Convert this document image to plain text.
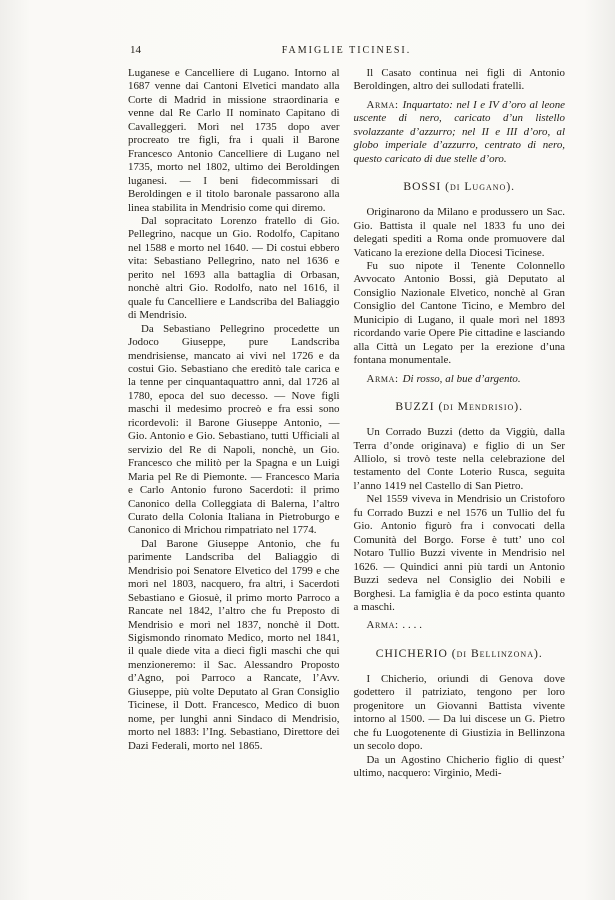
14	FAMIGLIE TICINESI.

Luganese e Cancelliere di Lugano. Intorno al 1687 venne dai Cantoni Elvetici mandato alla Corte di Madrid in missione straordinaria e venne dal Re Carlo II nominato Capitano di Cavalleggeri. Morì nel 1735 dopo aver procreato tre figli, fra i quali il Barone Francesco Antonio Cancelliere di Lugano nel 1735, morto nel 1802, ultimo dei Beroldingen luganesi. — I beni fidecommissari di Beroldingen e il titolo baronale passarono alla linea stabilita in Mendrisio come qui diremo.

Dal sopracitato Lorenzo fratello di Gio. Pellegrino, nacque un Gio. Rodolfo, Capitano nel 1588 e morto nel 1640. — Di costui ebbero vita: Sebastiano Pellegrino, nato nel 1636 e perito nel 1693 alla battaglia di Orbasan, nonchè altri Gio. Rodolfo, nato nel 1616, il quale fu Cancelliere e Landscriba del Baliaggio di Mendrisio.

Da Sebastiano Pellegrino procedette un Jodoco Giuseppe, pure Landscriba mendrisiense, mancato ai vivi nel 1726 e da costui Gio. Sebastiano che ereditò tale carica e la tenne per cinquantaquattro anni, dal 1726 al 1780, epoca del suo decesso. — Nove figli maschi il medesimo procreò e fra essi sono ricordevoli: il Barone Giuseppe Antonio, — Gio. Antonio e Gio. Sebastiano, tutti Ufficiali al servizio del Re di Napoli, nonchè, un Gio. Francesco che militò per la Spagna e un Luigi Maria pel Re di Piemonte. — Francesco Maria e Carlo Antonio furono Sacerdoti: il primo Canonico della Colleggiata di Balerna, l’altro Curato della Colonia Italiana in Pietroburgo e Canonico di Mrichou rimpatriato nel 1774.

Dal Barone Giuseppe Antonio, che fu parimente Landscriba del Baliaggio di Mendrisio poi Senatore Elvetico del 1799 e che morì nel 1803, nacquero, fra altri, i Sacerdoti Sebastiano e Giosuè, il primo morto Parroco a Rancate nel 1842, l’altro che fu Preposto di Mendrisio e morì nel 1837, nonchè il Dott. Sigismondo rinomato Medico, morto nel 1841, il quale diede vita a dieci figli maschi che qui menzioneremo: il Sac. Alessandro Proposto d’Agno, poi Parroco a Rancate, l’Avv. Giuseppe, più volte Deputato al Gran Consiglio Ticinese, il Dott. Francesco, Medico di buon nome, per lunghi anni Sindaco di Mendrisio, morto nel 1883: l’Ing. Sebastiano, Direttore dei Dazi Federali, morto nel 1865.

Il Casato continua nei figli di Antonio Beroldingen, altro dei sullodati fratelli.

Arma: Inquartato: nel I e IV d’oro al leone uscente di nero, caricato d’un listello svolazzante d’azzurro; nel II e III d’oro, al globo imperiale d’azzurro, centrato di nero, questo caricato di due stelle d’oro.

BOSSI (di Lugano).

Originarono da Milano e produssero un Sac. Gio. Battista il quale nel 1833 fu uno dei delegati spediti a Roma onde promuovere dal Vaticano la erezione della Diocesi Ticinese.

Fu suo nipote il Tenente Colonnello Avvocato Antonio Bossi, già Deputato al Consiglio Nazionale Elvetico, nonchè al Gran Consiglio del Cantone Ticino, e Membro del Municipio di Lugano, il quale morì nel 1893 ricordando varie Opere Pie cittadine e lasciando alla Città un Legato per la erezione d’una fontana monumentale.

Arma: Di rosso, al bue d’argento.

BUZZI (di Mendrisio).

Un Corrado Buzzi (detto da Viggiù, dalla Terra d’onde originava) e figlio di un Ser Alliolo, si trovò teste nella celebrazione del testamento del Conte Loterio Rusca, seguita l’anno 1419 nel Castello di San Pietro.

Nel 1559 viveva in Mendrisio un Cristoforo fu Corrado Buzzi e nel 1576 un Tullio del fu Gio. Antonio figurò fra i convocati della Comunità del Borgo. Forse è tutt’ uno col Notaro Tullio Buzzi vivente in Mendrisio nel 1626. — Quindici anni più tardi un Antonio Buzzi sedeva nel Consiglio dei Nobili e Borghesi. La famiglia è da poco estinta quanto a maschi.

Arma: . . . .

CHICHERIO (di Bellinzona).

I Chicherio, oriundi di Genova dove godettero il patriziato, tengono per loro progenitore un Giovanni Battista vivente intorno al 1500. — Da lui discese un G. Pietro che fu Luogotenente di Giustizia in Bellinzona un secolo dopo.

Da un Agostino Chicherio figlio di quest’ ultimo, nacquero: Virginio, Medi-
